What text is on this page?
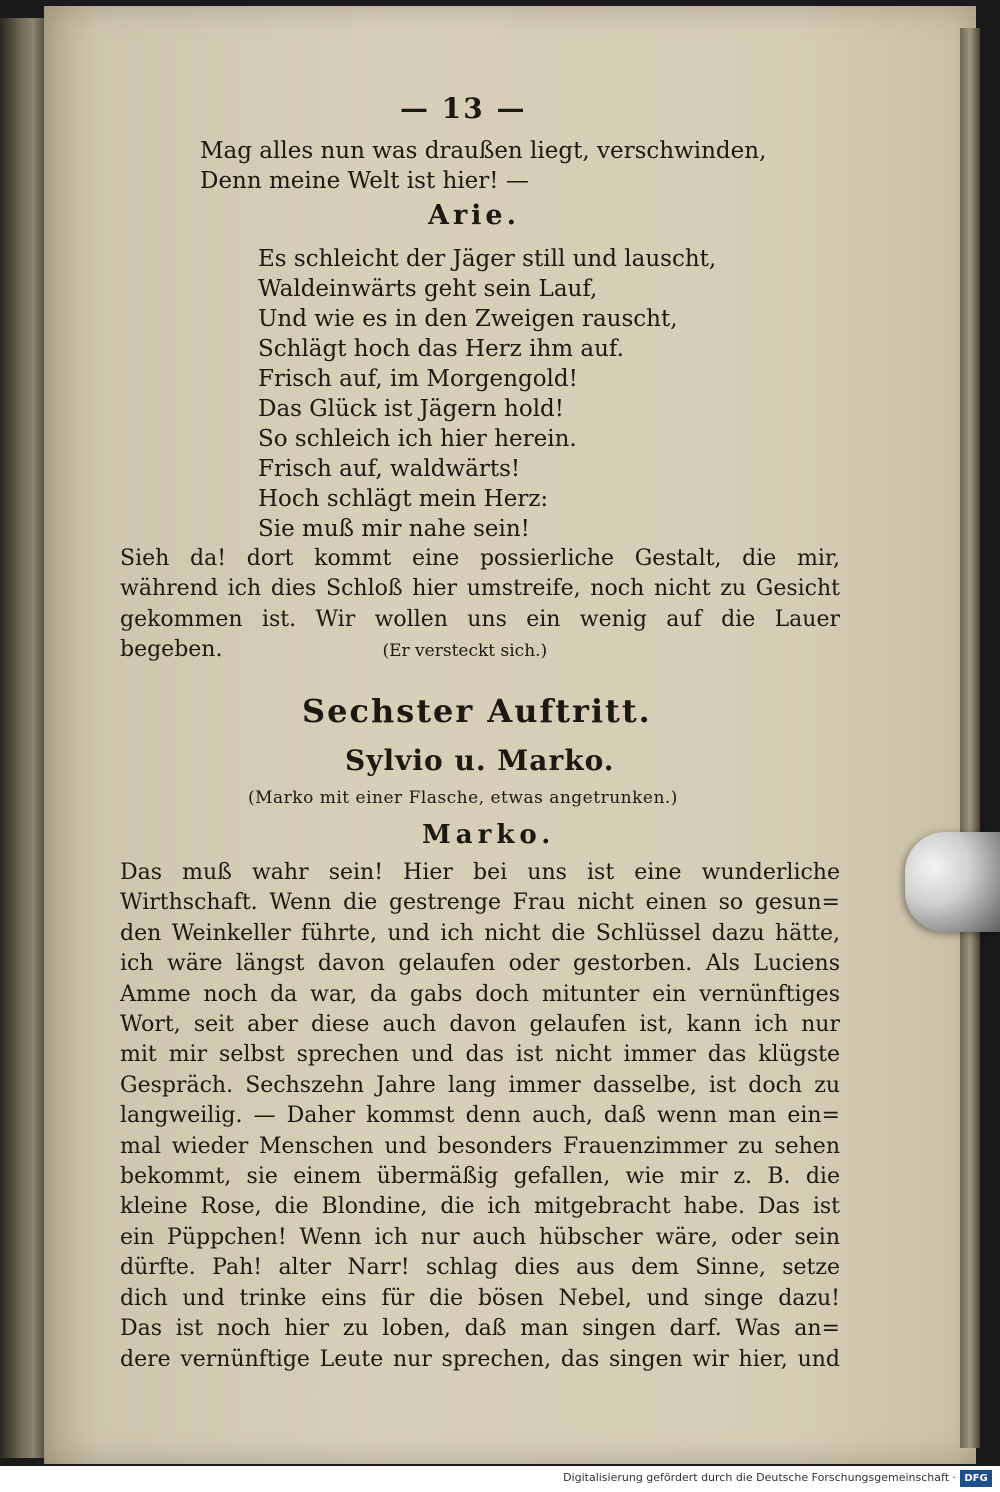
— 13 —
Mag alles nun was draußen liegt, verschwinden,
Denn meine Welt ist hier! —
Arie.
Es schleicht der Jäger still und lauscht,
Waldeinwärts geht sein Lauf,
Und wie es in den Zweigen rauscht,
Schlägt hoch das Herz ihm auf.
Frisch auf, im Morgengold!
Das Glück ist Jägern hold!
So schleich ich hier herein.
Frisch auf, waldwärts!
Hoch schlägt mein Herz:
Sie muß mir nahe sein!
Sieh da! dort kommt eine possierliche Gestalt, die mir,
während ich dies Schloß hier umstreife, noch nicht zu Gesicht
gekommen ist. Wir wollen uns ein wenig auf die Lauer
begeben.	(Er versteckt sich.)
Sechster Auftritt.
Sylvio u. Marko.
(Marko mit einer Flasche, etwas angetrunken.)
Marko.
Das muß wahr sein! Hier bei uns ist eine wunderliche
Wirthschaft. Wenn die gestrenge Frau nicht einen so gesun=
den Weinkeller führte, und ich nicht die Schlüssel dazu hätte,
ich wäre längst davon gelaufen oder gestorben. Als Luciens
Amme noch da war, da gabs doch mitunter ein vernünftiges
Wort, seit aber diese auch davon gelaufen ist, kann ich nur
mit mir selbst sprechen und das ist nicht immer das klügste
Gespräch. Sechszehn Jahre lang immer dasselbe, ist doch zu
langweilig. — Daher kommst denn auch, daß wenn man ein=
mal wieder Menschen und besonders Frauenzimmer zu sehen
bekommt, sie einem übermäßig gefallen, wie mir z. B. die
kleine Rose, die Blondine, die ich mitgebracht habe. Das ist
ein Püppchen! Wenn ich nur auch hübscher wäre, oder sein
dürfte. Pah! alter Narr! schlag dies aus dem Sinne, setze
dich und trinke eins für die bösen Nebel, und singe dazu!
Das ist noch hier zu loben, daß man singen darf. Was an=
dere vernünftige Leute nur sprechen, das singen wir hier, und
Digitalisierung gefördert durch die Deutsche Forschungsgemeinschaft · DFG
